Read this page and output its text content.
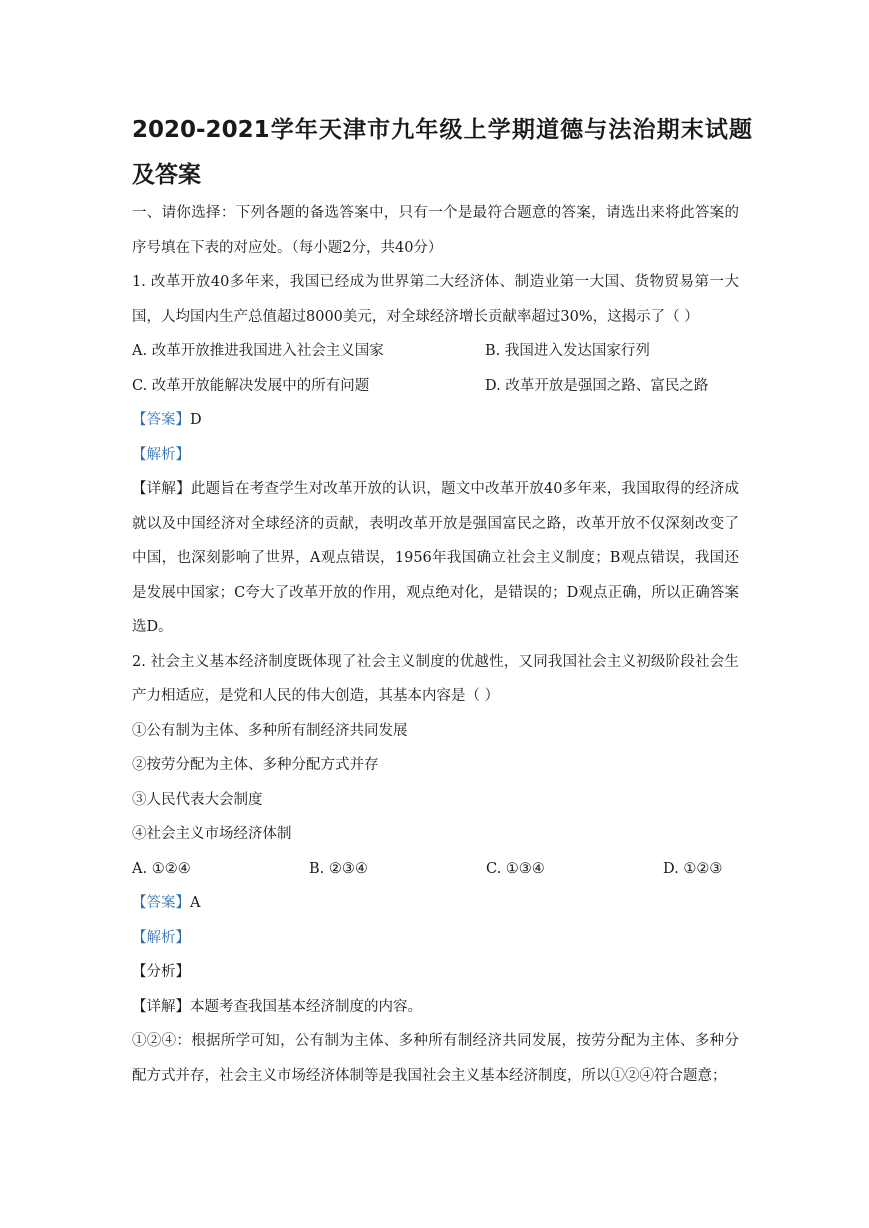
2020-2021学年天津市九年级上学期道德与法治期末试题及答案

一、请你选择：下列各题的备选答案中，只有一个是最符合题意的答案，请选出来将此答案的序号填在下表的对应处。（每小题2分，共40分）

1. 改革开放40多年来，我国已经成为世界第二大经济体、制造业第一大国、货物贸易第一大国，人均国内生产总值超过8000美元，对全球经济增长贡献率超过30%，这揭示了（ ）

A. 改革开放推进我国进入社会主义国家	B. 我国进入发达国家行列
C. 改革开放能解决发展中的所有问题	D. 改革开放是强国之路、富民之路

【答案】D

【解析】

【详解】此题旨在考查学生对改革开放的认识，题文中改革开放40多年来，我国取得的经济成就以及中国经济对全球经济的贡献，表明改革开放是强国富民之路，改革开放不仅深刻改变了中国，也深刻影响了世界，A观点错误，1956年我国确立社会主义制度；B观点错误，我国还是发展中国家；C夸大了改革开放的作用，观点绝对化，是错误的；D观点正确，所以正确答案选D。

2. 社会主义基本经济制度既体现了社会主义制度的优越性，又同我国社会主义初级阶段社会生产力相适应，是党和人民的伟大创造，其基本内容是（ ）

①公有制为主体、多种所有制经济共同发展

②按劳分配为主体、多种分配方式并存

③人民代表大会制度

④社会主义市场经济体制

A. ①②④	B. ②③④	C. ①③④	D. ①②③

【答案】A

【解析】

【分析】

【详解】本题考查我国基本经济制度的内容。

①②④：根据所学可知，公有制为主体、多种所有制经济共同发展，按劳分配为主体、多种分配方式并存，社会主义市场经济体制等是我国社会主义基本经济制度，所以①②④符合题意；
